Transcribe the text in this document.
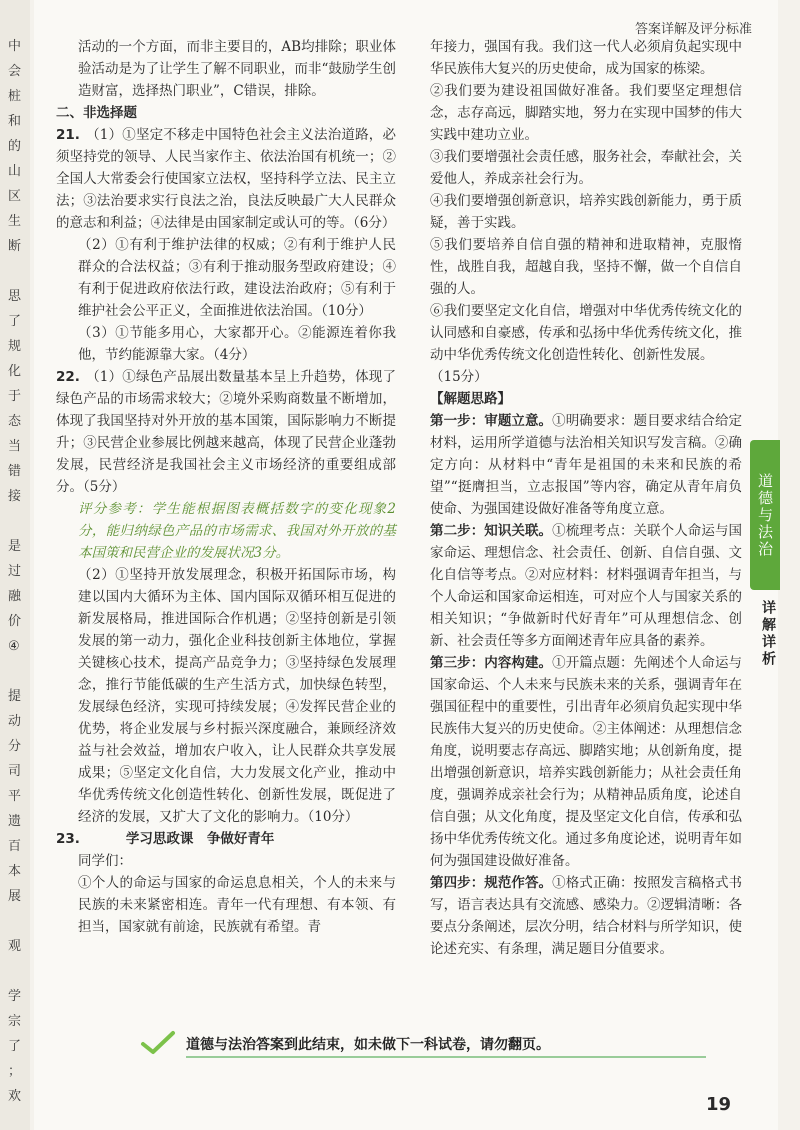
中
会
桩
和
的
山
区
生
断
思
了
规
化
于
态
当
错
接
是
过
融
价
④
提
动
分
司
平
遗
百
本
展
观
学
宗
了
；
欢
答案详解及评分标准

活动的一个方面，而非主要目的，AB均排除；职业体验活动是为了让学生了解不同职业，而非“鼓励学生创造财富，选择热门职业”，C错误，排除。

二、非选择题

21. （1）①坚定不移走中国特色社会主义法治道路，必须坚持党的领导、人民当家作主、依法治国有机统一；②全国人大常委会行使国家立法权，坚持科学立法、民主立法；③法治要求实行良法之治，良法反映最广大人民群众的意志和利益；④法律是由国家制定或认可的等。（6分）

（2）①有利于维护法律的权威；②有利于维护人民群众的合法权益；③有利于推动服务型政府建设；④有利于促进政府依法行政，建设法治政府；⑤有利于维护社会公平正义，全面推进依法治国。（10分）

（3）①节能多用心，大家都开心。②能源连着你我他，节约能源靠大家。（4分）

22. （1）①绿色产品展出数量基本呈上升趋势，体现了绿色产品的市场需求较大；②境外采购商数量不断增加，体现了我国坚持对外开放的基本国策，国际影响力不断提升；③民营企业参展比例越来越高，体现了民营企业蓬勃发展，民营经济是我国社会主义市场经济的重要组成部分。（5分）

评分参考：学生能根据图表概括数字的变化现象2分，能归纳绿色产品的市场需求、我国对外开放的基本国策和民营企业的发展状况3分。

（2）①坚持开放发展理念，积极开拓国际市场，构建以国内大循环为主体、国内国际双循环相互促进的新发展格局，推进国际合作机遇；②坚持创新是引领发展的第一动力，强化企业科技创新主体地位，掌握关键核心技术，提高产品竞争力；③坚持绿色发展理念，推行节能低碳的生产生活方式，加快绿色转型，发展绿色经济，实现可持续发展；④发挥民营企业的优势，将企业发展与乡村振兴深度融合，兼顾经济效益与社会效益，增加农户收入，让人民群众共享发展成果；⑤坚定文化自信，大力发展文化产业，推动中华优秀传统文化创造性转化、创新性发展，既促进了经济的发展，又扩大了文化的影响力。（10分）

23.	学习思政课　争做好青年

同学们：

①个人的命运与国家的命运息息相关，个人的未来与民族的未来紧密相连。青年一代有理想、有本领、有担当，国家就有前途，民族就有希望。青

年接力，强国有我。我们这一代人必须肩负起实现中华民族伟大复兴的历史使命，成为国家的栋梁。

②我们要为建设祖国做好准备。我们要坚定理想信念，志存高远，脚踏实地，努力在实现中国梦的伟大实践中建功立业。

③我们要增强社会责任感，服务社会，奉献社会，关爱他人，养成亲社会行为。

④我们要增强创新意识，培养实践创新能力，勇于质疑，善于实践。

⑤我们要培养自信自强的精神和进取精神，克服惰性，战胜自我，超越自我，坚持不懈，做一个自信自强的人。

⑥我们要坚定文化自信，增强对中华优秀传统文化的认同感和自豪感，传承和弘扬中华优秀传统文化，推动中华优秀传统文化创造性转化、创新性发展。

（15分）

【解题思路】

第一步：审题立意。①明确要求：题目要求结合给定材料，运用所学道德与法治相关知识写发言稿。②确定方向：从材料中“青年是祖国的未来和民族的希望”“挺膺担当，立志报国”等内容，确定从青年肩负使命、为强国建设做好准备等角度立意。

第二步：知识关联。①梳理考点：关联个人命运与国家命运、理想信念、社会责任、创新、自信自强、文化自信等考点。②对应材料：材料强调青年担当，与个人命运和国家命运相连，可对应个人与国家关系的相关知识；“争做新时代好青年”可从理想信念、创新、社会责任等多方面阐述青年应具备的素养。

第三步：内容构建。①开篇点题：先阐述个人命运与国家命运、个人未来与民族未来的关系，强调青年在强国征程中的重要性，引出青年必须肩负起实现中华民族伟大复兴的历史使命。②主体阐述：从理想信念角度，说明要志存高远、脚踏实地；从创新角度，提出增强创新意识，培养实践创新能力；从社会责任角度，强调养成亲社会行为；从精神品质角度，论述自信自强；从文化角度，提及坚定文化自信，传承和弘扬中华优秀传统文化。通过多角度论述，说明青年如何为强国建设做好准备。

第四步：规范作答。①格式正确：按照发言稿格式书写，语言表达具有交流感、感染力。②逻辑清晰：各要点分条阐述，层次分明，结合材料与所学知识，使论述充实、有条理，满足题目分值要求。

道德与法治
详解详析
道德与法治答案到此结束，如未做下一科试卷，请勿翻页。
19
